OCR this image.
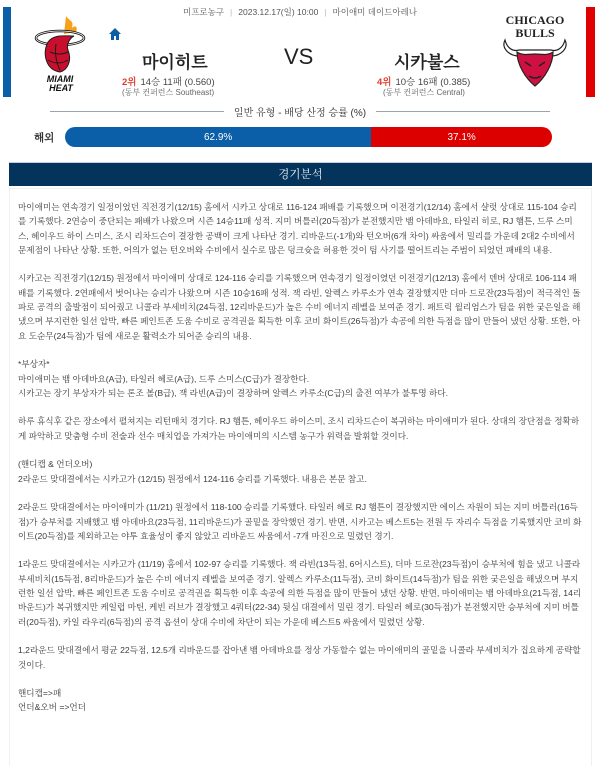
MIAMI
HEAT
미프로농구 | 2023.12.17(일) 10:00 | 마이애미 데이드아레나
마이히트	VS	시카불스
2위 14승 11패 (0.560)
(동부 컨퍼런스 Southeast)
4위 10승 16패 (0.385)
(동부 컨퍼런스 Central)
CHICAGO
BULLS
일반 유형 - 배당 산정 승률 (%)
해외	62.9%	37.1%
경기분석

마이애미는 연속경기 일정이었던 직전경기(12/15) 홈에서 시카고 상대로 116-124 패배를 기록했으며 이전경기(12/14) 홈에서 샬럿 상대로 115-104 승리를 기록했다. 2연승이 중단되는 패배가 나왔으며 시즌 14승11패 성적. 지미 버틀러(20득점)가 분전했지만 뱀 아데바요, 타일러 히로, RJ 햄튼, 드루 스미스, 헤이우드 하이 스미스, 조시 리차드슨이 결장한 공백이 크게 나타난 경기. 리바운드(-1개)와 턴오버(6개 차이) 싸움에서 밀리를 가운데 2대2 수비에서 문제점이 나타난 상황. 또한, 어의가 없는 턴오버와 수비에서 실수로 많은 덩크슛을 허용한 것이 팀 사기를 떨어트리는 주범이 되었던 패배의 내용.

시카고는 직전경기(12/15) 원정에서 마이애미 상대로 124-116 승리를 기록했으며 연속경기 일정이였던 이전경기(12/13) 홈에서 덴버 상대로 106-114 패배를 기록했다. 2연패에서 벗어나는 승리가 나왔으며 시즌 10승16패 성적. 잭 라빈, 알렉스 카루소가 연속 결장했지만 더마 드로잔(23득점)이 적극적인 돌파로 공격의 출발점이 되어줬고 니콜라 부세비치(24득점, 12리바운드)가 높은 수비 에너지 레벨을 보여준 경기. 패트릭 윌리엄스가 팀을 위한 궂은일을 해냈으며 부지런한 일선 압박, 빠른 페인트존 도움 수비로 공격권을 획득한 이후 코비 화이트(26득점)가 속공에 의한 득점을 많이 만들어 냈던 상황. 또한, 아요 도순무(24득점)가 팀에 새로운 활력소가 되어준 승리의 내용.

*부상자*

마이애미는 뱀 아데바요(A급), 타일러 헤로(A급), 드루 스미스(C급)가 결장한다.

시카고는 장기 부상자가 되는 론조 볼(B급), 잭 라빈(A급)이 결장하며 알렉스 카루소(C급)의 출전 여부가 불투명 하다.

하루 휴식후 같은 장소에서 펼쳐지는 리턴매치 경기다. RJ 햄튼, 헤이우드 하이스미, 조시 리차드슨이 복귀하는 마이애미가 된다. 상대의 장단점을 정확하게 파악하고 맞춤형 수비 전술과 선수 매치업을 가져가는 마이애미의 시스템 농구가 위력을 발휘할 것이다.

(핸디캡 & 언더오버)

2라운드 맞대결에서는 시카고가 (12/15) 원정에서 124-116 승리를 기록했다. 내용은 본문 참고.

2라운드 맞대결에서는 마이애미가 (11/21) 원정에서 118-100 승리를 기록했다. 타일러 헤로 RJ 햄튼이 결장했지만 에이스 자원이 되는 지미 버틀러(16득점)가 승부처를 지배했고 뱀 아데바요(23득점, 11리바운드)가 골밑을 장악했던 경기. 반면, 시카고는 베스트5는 전원 두 자리수 득점을 기록했지만 코비 화이트(20득점)를 제외하고는 야투 효율성이 좋지 않았고 리바운드 싸움에서 -7개 마진으로 밀렸던 경기.

1라운드 맞대결에서는 시카고가 (11/19) 홈에서 102-97 승리를 기록했다. 잭 라빈(13득점, 6어시스트), 더마 드로잔(23득점)이 승부처에 힘을 냈고 니콜라 부세비치(15득점, 8리바운드)가 높은 수비 에너지 레벨을 보여준 경기. 알렉스 카루소(11득점), 코비 화이트(14득점)가 팀을 위한 궂은일을 해냈으며 부지런한 일선 압박, 빠른 페인트존 도움 수비로 공격권을 획득한 이후 속공에 의한 득점을 많이 만들어 냈던 상황. 반면, 마이애미는 뱀 아데바요(21득점, 14리바운드)가 복귀했지만 케일럽 마틴, 케빈 러브가 결장했고 4쿼터(22-34) 뒷심 대결에서 밀린 경기. 타일러 헤로(30득점)가 분전했지만 승부처에 지미 버틀러(20득점), 카일 라우리(6득점)의 공격 옵션이 상대 수비에 차단이 되는 가운데 베스트5 싸움에서 밀렸던 상황.

1,2라운드 맞대결에서 평균 22득점, 12.5개 리바운드를 잡아낸 뱀 아데바요를 정상 가동할수 없는 마이애미의 골밑을 니콜라 부세비치가 집요하게 공략할 것이다.

핸디캡=>패

언더&오버 =>언더
